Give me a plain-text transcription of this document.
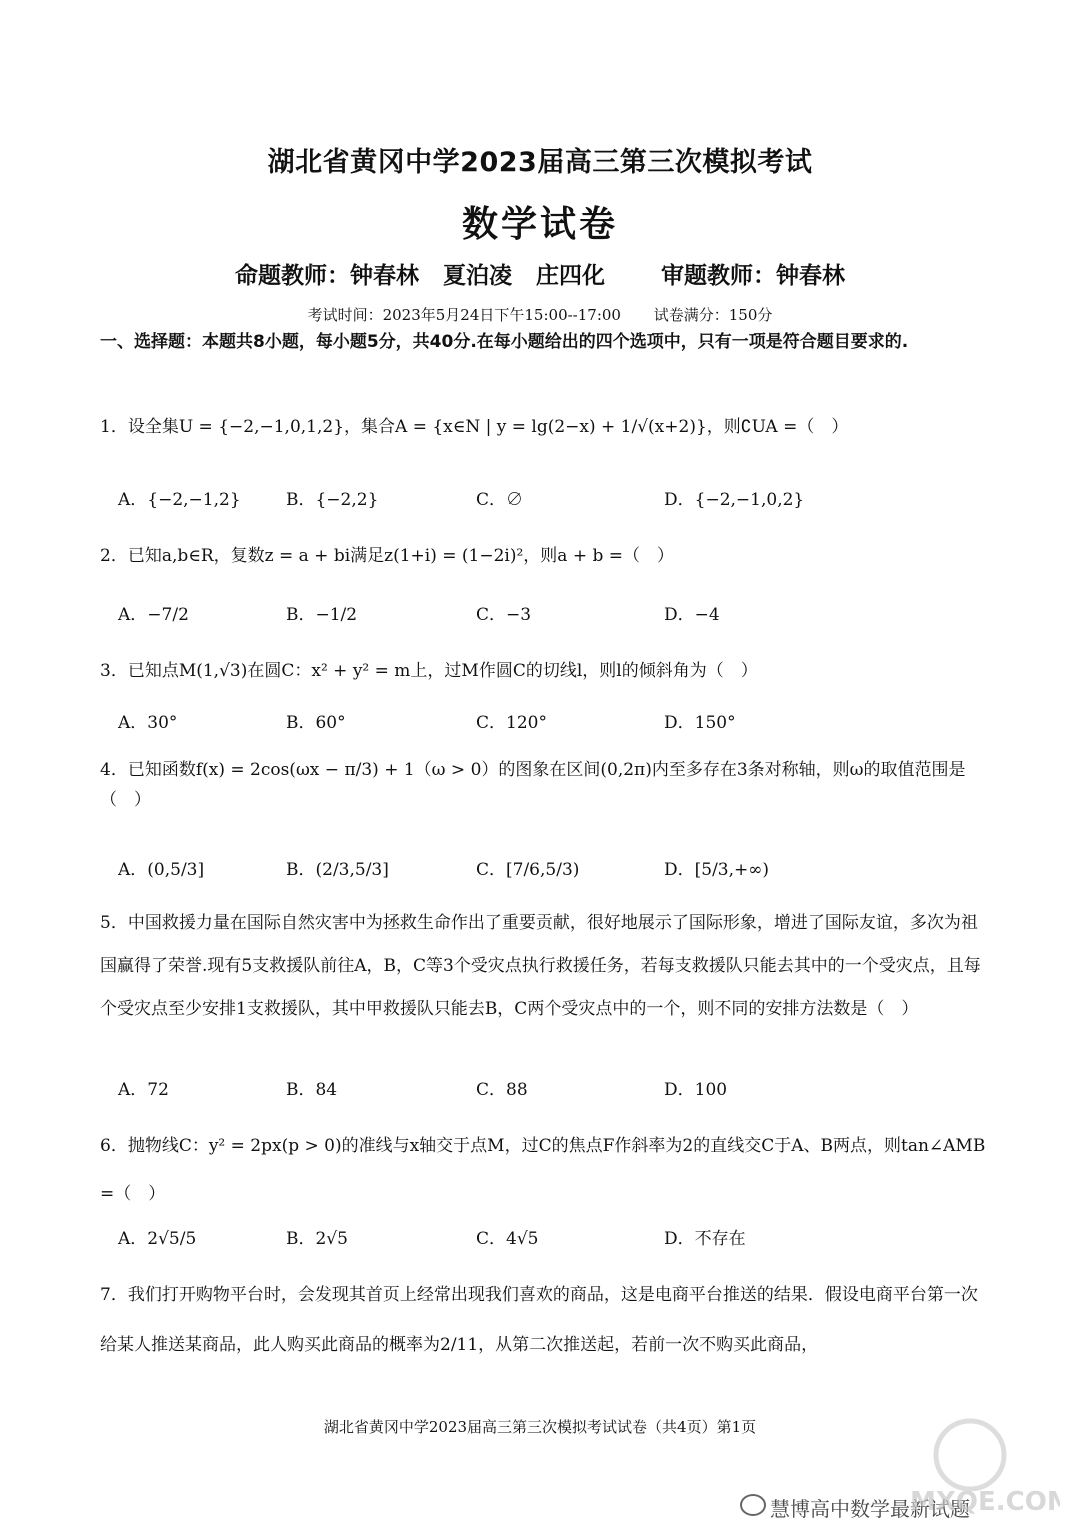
湖北省黄冈中学2023届高三第三次模拟考试
数学试卷
命题教师：钟春林 夏泊凌 庄四化 审题教师：钟春林
考试时间：2023年5月24日下午15:00--17:00 试卷满分：150分
一、选择题：本题共8小题，每小题5分，共40分.在每小题给出的四个选项中，只有一项是符合题目要求的.
1．设全集U = {−2,−1,0,1,2}，集合A = {x∈N | y = lg(2−x) + 1/√(x+2)}，则∁UA =（　）
A．{−2,−1,2}	B．{−2,2}	C．∅	D．{−2,−1,0,2}
2．已知a,b∈R，复数z = a + bi满足z(1+i) = (1−2i)²，则a + b =（　）
A．−7/2	B．−1/2	C．−3	D．−4
3．已知点M(1,√3)在圆C：x² + y² = m上，过M作圆C的切线l，则l的倾斜角为（　）
A．30°	B．60°	C．120°	D．150°
4．已知函数f(x) = 2cos(ωx − π/3) + 1（ω > 0）的图象在区间(0,2π)内至多存在3条对称轴，则ω的取值范围是（　）
A．(0,5/3]	B．(2/3,5/3]	C．[7/6,5/3)	D．[5/3,+∞)
5．中国救援力量在国际自然灾害中为拯救生命作出了重要贡献，很好地展示了国际形象，增进了国际友谊，多次为祖国赢得了荣誉.现有5支救援队前往A，B，C等3个受灾点执行救援任务，若每支救援队只能去其中的一个受灾点，且每个受灾点至少安排1支救援队，其中甲救援队只能去B，C两个受灾点中的一个，则不同的安排方法数是（　）
A．72	B．84	C．88	D．100
6．抛物线C：y² = 2px(p > 0)的准线与x轴交于点M，过C的焦点F作斜率为2的直线交C于A、B两点，则tan∠AMB =（　）
A．2√5/5	B．2√5	C．4√5	D．不存在
7．我们打开购物平台时，会发现其首页上经常出现我们喜欢的商品，这是电商平台推送的结果．假设电商平台第一次给某人推送某商品，此人购买此商品的概率为2/11，从第二次推送起，若前一次不购买此商品，
湖北省黄冈中学2023届高三第三次模拟考试试卷（共4页）第1页
慧博高中数学最新试题
MXQE.COM
